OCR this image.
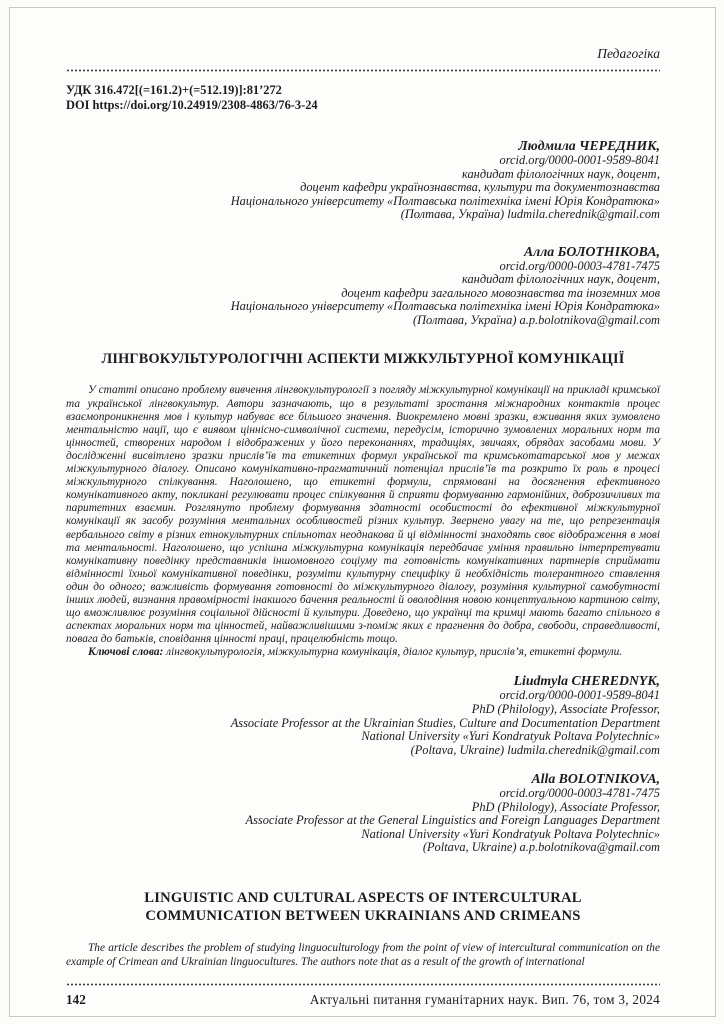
Педагогіка
УДК 316.472[(=161.2)+(=512.19)]:81’272
DOI https://doi.org/10.24919/2308-4863/76-3-24
Людмила ЧЕРЕДНИК,
orcid.org/0000-0001-9589-8041
кандидат філологічних наук, доцент,
доцент кафедри українознавства, культури та документознавства
Національного університету «Полтавська політехніка імені Юрія Кондратюка»
(Полтава, Україна) ludmila.cherednik@gmail.com
Алла БОЛОТНІКОВА,
orcid.org/0000-0003-4781-7475
кандидат філологічних наук, доцент,
доцент кафедри загального мовознавства та іноземних мов
Національного університету «Полтавська політехніка імені Юрія Кондратюка»
(Полтава, Україна) a.p.bolotnikova@gmail.com
ЛІНГВОКУЛЬТУРОЛОГІЧНІ АСПЕКТИ МІЖКУЛЬТУРНОЇ КОМУНІКАЦІЇ

У статті описано проблему вивчення лінгвокультурології з погляду міжкультурної комунікації на прикладі кримської та української лінгвокультур. Автори зазначають, що в результаті зростання міжнародних контактів процес взаємопроникнення мов і культур набуває все більшого значення. Виокремлено мовні зразки, вживання яких зумовлено ментальністю нації, що є виявом ціннісно-символічної системи, передусім, історично зумовлених моральних норм та цінностей, створених народом і відображених у його переконаннях, традиціях, звичаях, обрядах засобами мови. У дослідженні висвітлено зразки прислів’їв та етикетних формул української та кримськотатарської мов у межах міжкультурного діалогу. Описано комунікативно-прагматичний потенціал прислів’їв та розкрито їх роль в процесі міжкультурного спілкування. Наголошено, що етикетні формули, спрямовані на досягнення ефективного комунікативного акту, покликані регулювати процес спілкування й сприяти формуванню гармонійних, доброзичливих та паритетних взаємин. Розглянуто проблему формування здатності особистості до ефективної міжкультурної комунікації як засобу розуміння ментальних особливостей різних культур. Звернено увагу на те, що репрезентація вербального світу в різних етнокультурних спільнотах неоднакова й ці відмінності знаходять своє відображення в мові та ментальності. Наголошено, що успішна міжкультурна комунікація передбачає уміння правильно інтерпретувати комунікативну поведінку представників іншомовного соціуму та готовність комунікативних партнерів сприймати відмінності їхньої комунікативної поведінки, розуміти культурну специфіку й необхідність толерантного ставлення один до одного; важливість формування готовності до міжкультурного діалогу, розуміння культурної самобутності інших людей, визнання правомірності інакшого бачення реальності й оволодіння новою концептуальною картиною світу, що вможливлює розуміння соціальної дійсності й культури. Доведено, що українці та кримці мають багато спільного в аспектах моральних норм та цінностей, найважливішими з-поміж яких є прагнення до добра, свободи, справедливості, повага до батьків, сповідання цінності праці, працелюбність тощо.

Ключові слова: лінгвокультурологія, міжкультурна комунікація, діалог культур, прислів’я, етикетні формули.

Liudmyla CHEREDNYK,
orcid.org/0000-0001-9589-8041
PhD (Philology), Associate Professor,
Associate Professor at the Ukrainian Studies, Culture and Documentation Department
National University «Yuri Kondratyuk Poltava Polytechnic»
(Poltava, Ukraine) ludmila.cherednik@gmail.com
Alla BOLOTNIKOVA,
orcid.org/0000-0003-4781-7475
PhD (Philology), Associate Professor,
Associate Professor at the General Linguistics and Foreign Languages Department
National University «Yuri Kondratyuk Poltava Polytechnic»
(Poltava, Ukraine) a.p.bolotnikova@gmail.com
LINGUISTIC AND CULTURAL ASPECTS OF INTERCULTURAL COMMUNICATION BETWEEN UKRAINIANS AND CRIMEANS

The article describes the problem of studying linguoculturology from the point of view of intercultural communication on the example of Crimean and Ukrainian linguocultures. The authors note that as a result of the growth of international

142	Актуальні питання гуманітарних наук. Вип. 76, том 3, 2024
